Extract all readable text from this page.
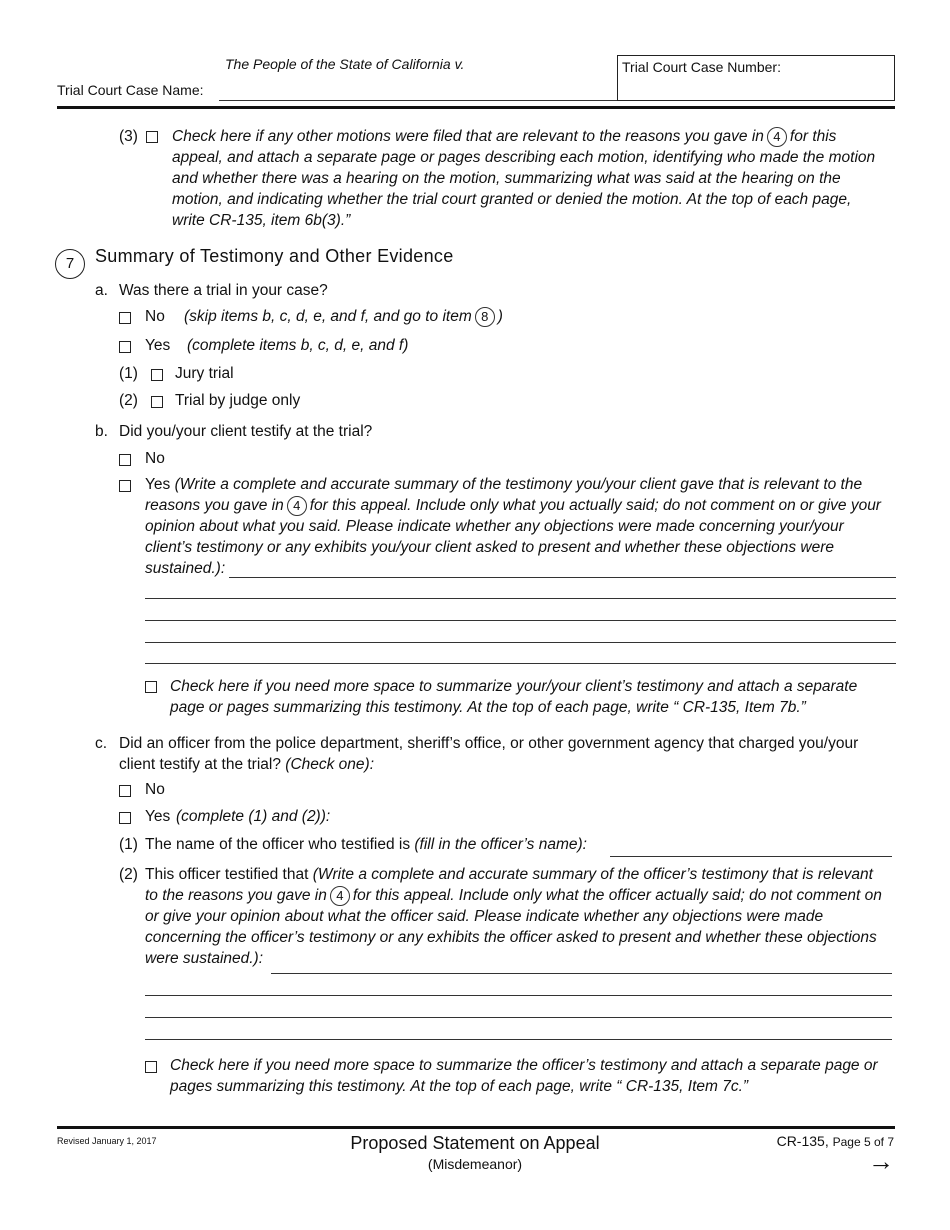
The People of the State of California v.
Trial Court Case Name:
Trial Court Case Number:
(3) Check here if any other motions were filed that are relevant to the reasons you gave in 4 for this appeal, and attach a separate page or pages describing each motion, identifying who made the motion and whether there was a hearing on the motion, summarizing what was said at the hearing on the motion, and indicating whether the trial court granted or denied the motion. At the top of each page, write CR-135, item 6b(3).”
7	Summary of Testimony and Other Evidence
a. Was there a trial in your case?
No (skip items b, c, d, e, and f, and go to item 8 )
Yes (complete items b, c, d, e, and f)
(1) Jury trial
(2) Trial by judge only
b. Did you/your client testify at the trial?
No
Yes (Write a complete and accurate summary of the testimony you/your client gave that is relevant to the reasons you gave in 4 for this appeal. Include only what you actually said; do not comment on or give your opinion about what you said. Please indicate whether any objections were made concerning your/your client’s testimony or any exhibits you/your client asked to present and whether these objections were sustained.):
Check here if you need more space to summarize your/your client’s testimony and attach a separate page or pages summarizing this testimony. At the top of each page, write “ CR-135, Item 7b.”
c. Did an officer from the police department, sheriff’s office, or other government agency that charged you/your client testify at the trial? (Check one):
No
Yes (complete (1) and (2)):
(1) The name of the officer who testified is (fill in the officer’s name):
(2) This officer testified that (Write a complete and accurate summary of the officer’s testimony that is relevant to the reasons you gave in 4 for this appeal. Include only what the officer actually said; do not comment on or give your opinion about what the officer said. Please indicate whether any objections were made concerning the officer’s testimony or any exhibits the officer asked to present and whether these objections were sustained.):
Check here if you need more space to summarize the officer’s testimony and attach a separate page or pages summarizing this testimony. At the top of each page, write “ CR-135, Item 7c.”
Revised January 1, 2017	Proposed Statement on Appeal
(Misdemeanor)
CR-135, Page 5 of 7
→
